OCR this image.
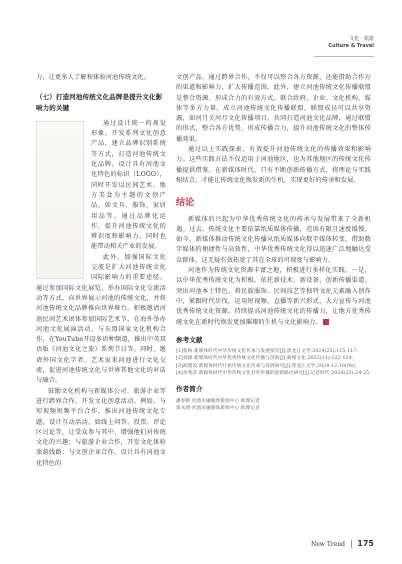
文化 · 旅游
Culture & Travel

力，让更多人了解和体验河池传统文化。

（七）打造河池传统文化品牌是提升文化影响力的关键

通过设计统一的视觉形象，开发系列文化创意产品，建立品牌识别系统等方式，打造河池传统文化品牌。设计具有河池文化特色的标识（LOGO），同时开发以民间艺术、地方美食为主题的文创产品，如文具、服饰、家居用品等。通过品牌化运作，提升河池传统文化的辨识度和影响力，同时也能带动相关产业的发展。

此外，加强国际文化交流是扩大河池传统文化国际影响力的重要途径。通过参加国际文化展览、举办国际文化交流活动等方式，向世界展示河池的传统文化，并将河池传统文化品牌推向世界舞台。积极邀请河池民间艺术团体参加国际艺术节，在海外举办河池文化展演活动，与东盟国家文化机构合作，在YouTube开设多语种频道，推出中英双语版《河池文化之旅》系列节目等。同时，邀请外国文化学者、艺术家来河池进行文化交流，促进河池传统文化与世界其他文化的对话与融合。

鼓励文化机构与新媒体公司、旅游企业等进行跨界合作，开发文化创意活动。例如，与短视频短频平台合作，推出河池传统文化专题，设计互动活动，如线上问答、投票、评论区讨论等，让受众参与其中，增强他们对传统文化的兴趣；与旅游企业合作，开发文化体验旅游线路；与文创企业合作，设计具有河池文化特色的

文创产品，通过跨界合作，不仅可以整合各方资源，还能借助合作方的渠道和影响力，扩大传播范围。此外，建立河池传统文化传播联盟是整合资源、形成合力的有效方式。联合政府、企业、文化机构、媒体等多方力量，成立河池传统文化传播联盟，联盟成员可以共享资源，如河月关河月文化传播项目，共同打造河池文化品牌，通过联盟的形式，整合各方优势，形成传播合力，提升河池传统文化的整体传播效果。

通过以上实践探索，有效提升河池传统文化的传播效果和影响力。这些实践方法不仅适用于河池地区，也为其他地区的传统文化传播提供借鉴。在新媒体时代，只有不断创新传播方式，将理论与实践相结合，才能让传统文化焕发新的生机，实现更好的传承和发展。

结论

新媒体的兴起为中华优秀传统文化的传承与发展带来了全新机遇。过去，传统文化主要依靠纸质媒体传播，范围有限且速度缓慢。如今，新媒体推动传统文化传播从纸质媒体向数字媒体转变，借助数字媒体的便捷性与高效性，中华优秀传统文化得以迅速广泛地触达受众群体，这无疑有效拓宽了其在全球的可视度与影响力。

河池作为传统文化资源丰富之地，积极进行多样化实践。一是，以中华优秀传统文化为积极，依托新技术、新设备，创新传播渠道，突出河池本土特色，将民族服饰、民间技艺等独特文化元素融入创作中，紧跟时代步伐，运用短视频、直播等新兴形式，大力宣传与河池优秀传统文化资源，持续提高河池传统文化的传播力，让地方优秀传统文化在新时代焕发更加璀璨的生机与文化影响力。

参考文献

[1]张杨.新媒体时代中华传统文化传承与发展探究[J].黑龙江文学,2024(25):115-117.

[2]刘甜.新媒体时代中华优秀传统文化传播与创新[J].新闻文化,2023(11):122-124.

[3]胡建设.新媒体时代壮族传统文化传承与发展研究[J].黑龙江文学,2024-12-10(08).

[4]李秀萍.新媒体时代中华传统文化对外传播的创新路径研究[J].记者时代,2024(23):24-25.

作者简介

潘春艳 河池市融媒体新闻中心 助理记者

覃永倩 河池市融媒体新闻中心 助理记者

New Trend 175
